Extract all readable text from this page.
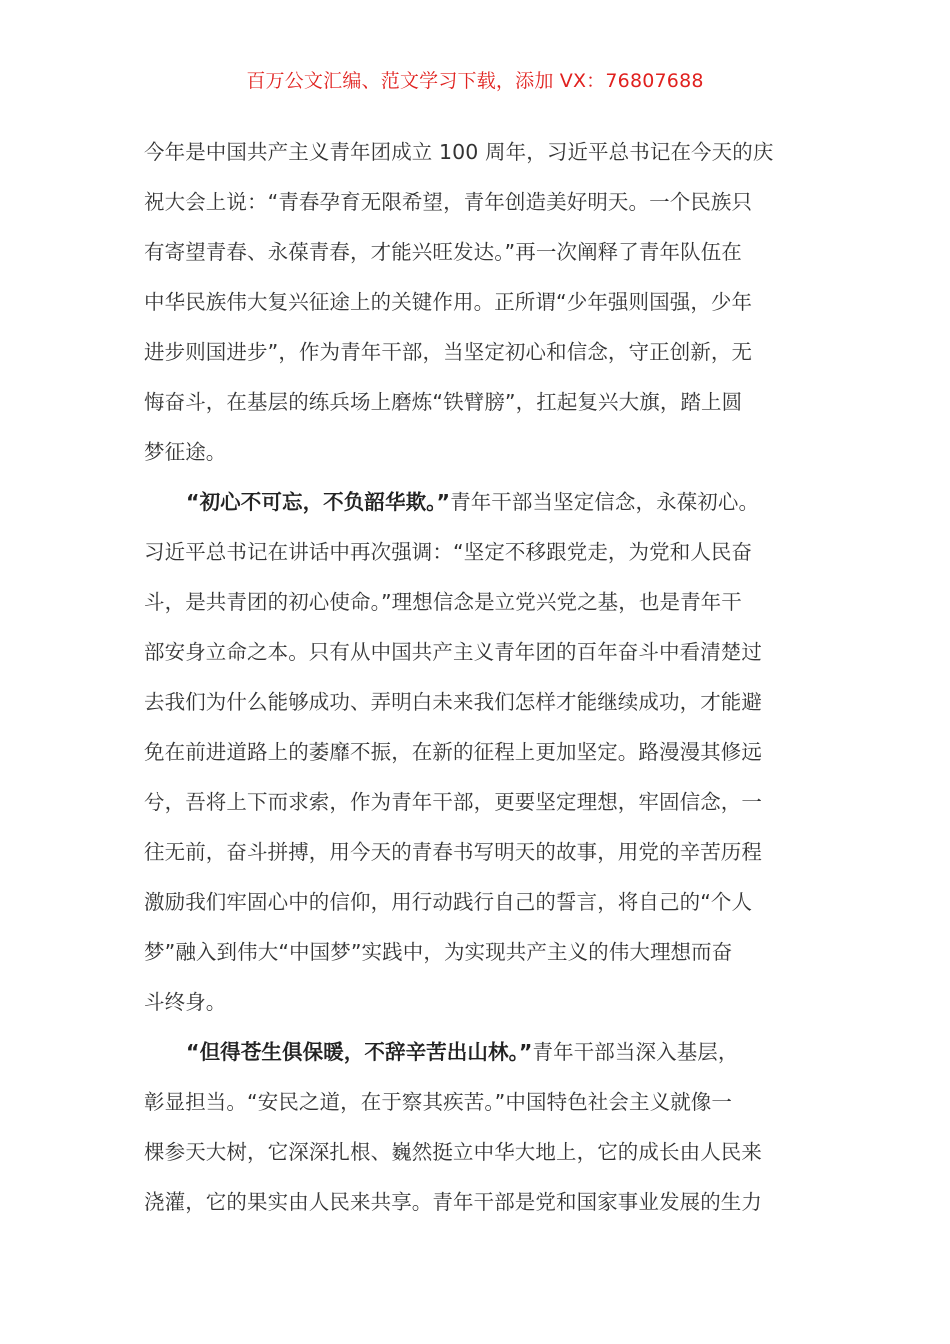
百万公文汇编、范文学习下载，添加 VX：76807688
今年是中国共产主义青年团成立 100 周年，习近平总书记在今天的庆
祝大会上说：“青春孕育无限希望，青年创造美好明天。一个民族只
有寄望青春、永葆青春，才能兴旺发达。”再一次阐释了青年队伍在
中华民族伟大复兴征途上的关键作用。正所谓“少年强则国强，少年
进步则国进步”，作为青年干部，当坚定初心和信念，守正创新，无
悔奋斗，在基层的练兵场上磨炼“铁臂膀”，扛起复兴大旗，踏上圆
梦征途。
“初心不可忘，不负韶华欺。”青年干部当坚定信念，永葆初心。
习近平总书记在讲话中再次强调：“坚定不移跟党走，为党和人民奋
斗，是共青团的初心使命。”理想信念是立党兴党之基，也是青年干
部安身立命之本。只有从中国共产主义青年团的百年奋斗中看清楚过
去我们为什么能够成功、弄明白未来我们怎样才能继续成功，才能避
免在前进道路上的萎靡不振，在新的征程上更加坚定。路漫漫其修远
兮，吾将上下而求索，作为青年干部，更要坚定理想，牢固信念，一
往无前，奋斗拼搏，用今天的青春书写明天的故事，用党的辛苦历程
激励我们牢固心中的信仰，用行动践行自己的誓言，将自己的“个人
梦”融入到伟大“中国梦”实践中，为实现共产主义的伟大理想而奋
斗终身。
“但得苍生俱保暖，不辞辛苦出山林。”青年干部当深入基层，
彰显担当。“安民之道，在于察其疾苦。”中国特色社会主义就像一
棵参天大树，它深深扎根、巍然挺立中华大地上，它的成长由人民来
浇灌，它的果实由人民来共享。青年干部是党和国家事业发展的生力
